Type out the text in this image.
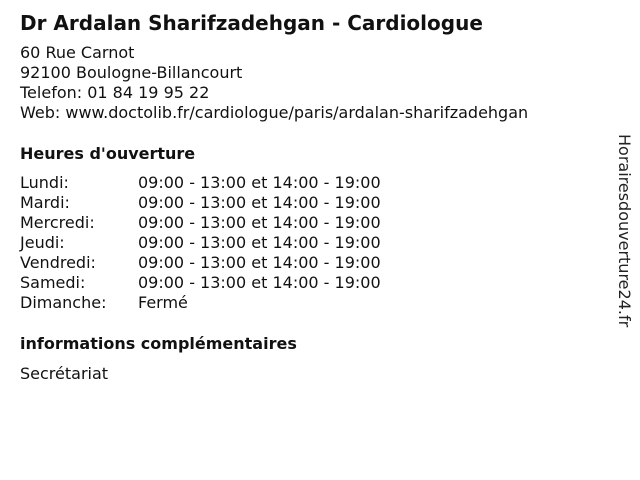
Dr Ardalan Sharifzadehgan - Cardiologue
60 Rue Carnot
92100 Boulogne-Billancourt
Telefon: 01 84 19 95 22
Web: www.doctolib.fr/cardiologue/paris/ardalan-sharifzadehgan
Heures d'ouverture
Lundi:	09:00 - 13:00 et 14:00 - 19:00
Mardi:	09:00 - 13:00 et 14:00 - 19:00
Mercredi:	09:00 - 13:00 et 14:00 - 19:00
Jeudi:	09:00 - 13:00 et 14:00 - 19:00
Vendredi:	09:00 - 13:00 et 14:00 - 19:00
Samedi:	09:00 - 13:00 et 14:00 - 19:00
Dimanche:	Fermé
informations complémentaires
Secrétariat
Horairesdouverture24.fr
